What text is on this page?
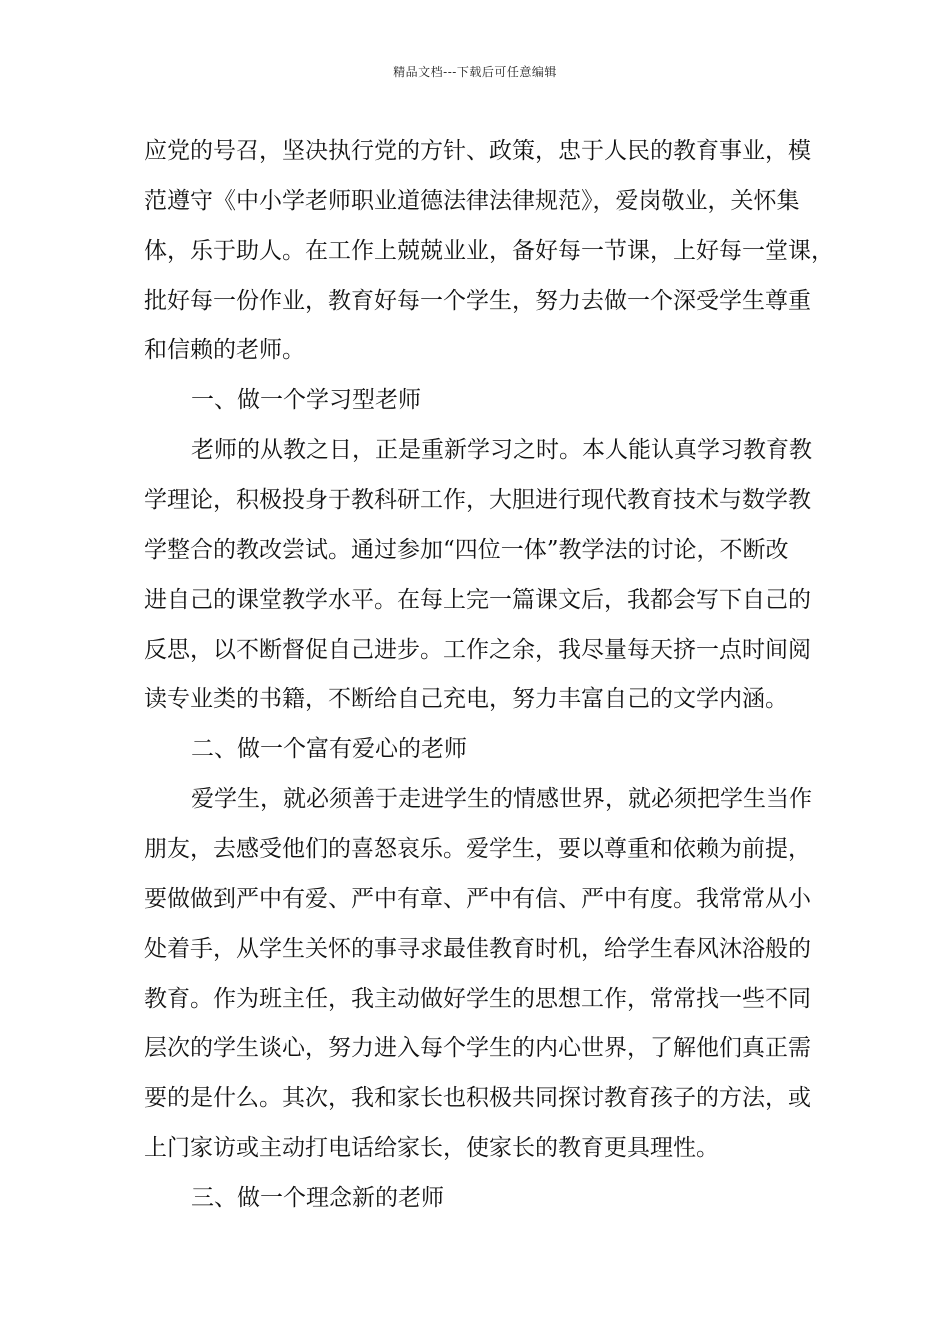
精品文档---下载后可任意编辑
应党的号召，坚决执行党的方针、政策，忠于人民的教育事业，模
范遵守《中小学老师职业道德法律法律规范》，爱岗敬业，关怀集
体，乐于助人。在工作上兢兢业业，备好每一节课，上好每一堂课，
批好每一份作业，教育好每一个学生，努力去做一个深受学生尊重
和信赖的老师。
一、做一个学习型老师
老师的从教之日，正是重新学习之时。本人能认真学习教育教
学理论，积极投身于教科研工作，大胆进行现代教育技术与数学教
学整合的教改尝试。通过参加“四位一体”教学法的讨论，不断改
进自己的课堂教学水平。在每上完一篇课文后，我都会写下自己的
反思，以不断督促自己进步。工作之余，我尽量每天挤一点时间阅
读专业类的书籍，不断给自己充电，努力丰富自己的文学内涵。
二、做一个富有爱心的老师
爱学生，就必须善于走进学生的情感世界，就必须把学生当作
朋友，去感受他们的喜怒哀乐。爱学生，要以尊重和依赖为前提，
要做做到严中有爱、严中有章、严中有信、严中有度。我常常从小
处着手，从学生关怀的事寻求最佳教育时机，给学生春风沐浴般的
教育。作为班主任，我主动做好学生的思想工作，常常找一些不同
层次的学生谈心，努力进入每个学生的内心世界，了解他们真正需
要的是什么。其次，我和家长也积极共同探讨教育孩子的方法，或
上门家访或主动打电话给家长，使家长的教育更具理性。
三、做一个理念新的老师
